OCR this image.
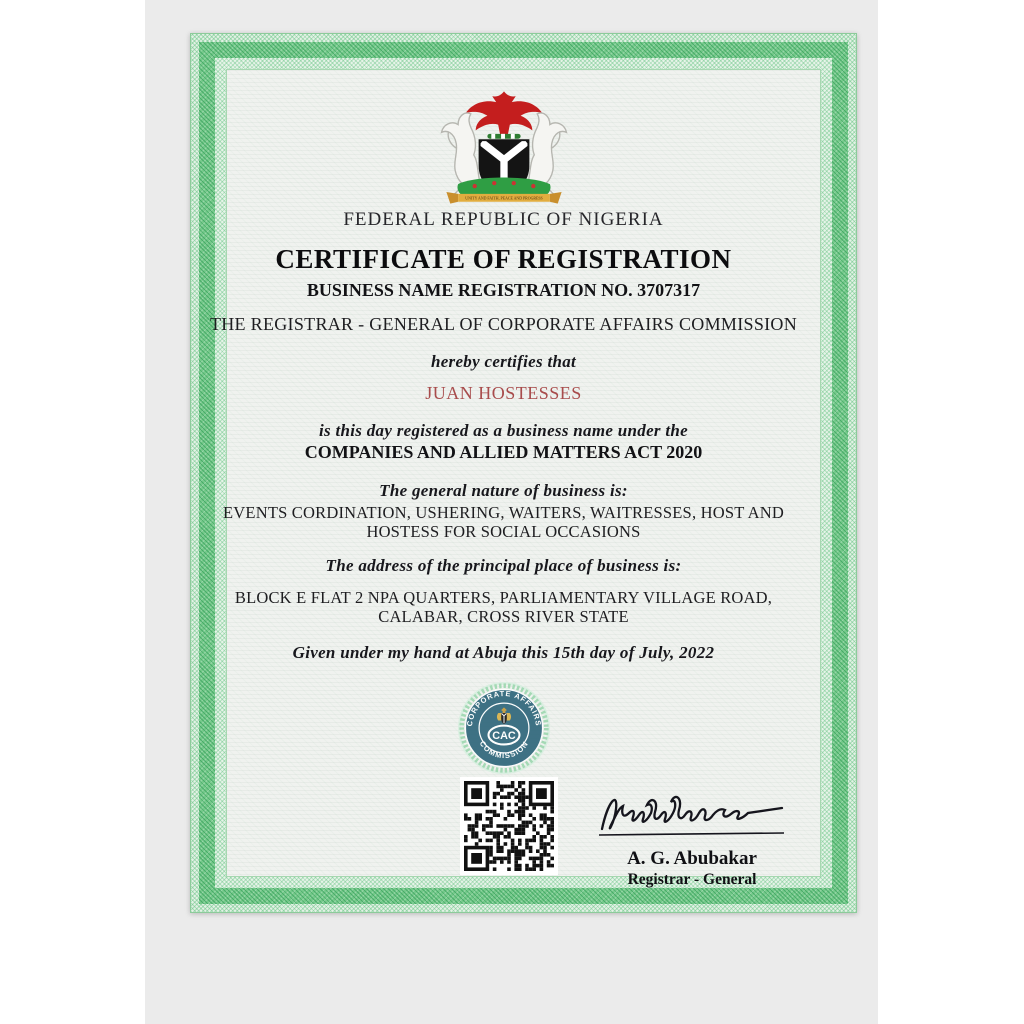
UNITY AND FAITH, PEACE AND PROGRESS
FEDERAL REPUBLIC OF NIGERIA
CERTIFICATE OF REGISTRATION
BUSINESS NAME REGISTRATION NO. 3707317
THE REGISTRAR - GENERAL OF CORPORATE AFFAIRS COMMISSION
hereby certifies that
JUAN HOSTESSES
is this day registered as a business name under the
COMPANIES AND ALLIED MATTERS ACT 2020
The general nature of business is:
EVENTS CORDINATION, USHERING, WAITERS, WAITRESSES, HOST AND HOSTESS FOR SOCIAL OCCASIONS
The address of the principal place of business is:
BLOCK E FLAT 2 NPA QUARTERS, PARLIAMENTARY VILLAGE ROAD, CALABAR, CROSS RIVER STATE
Given under my hand at Abuja this 15th day of July, 2022
CORPORATE AFFAIRS
COMMISSION
CAC
A. G. Abubakar
Registrar - General
